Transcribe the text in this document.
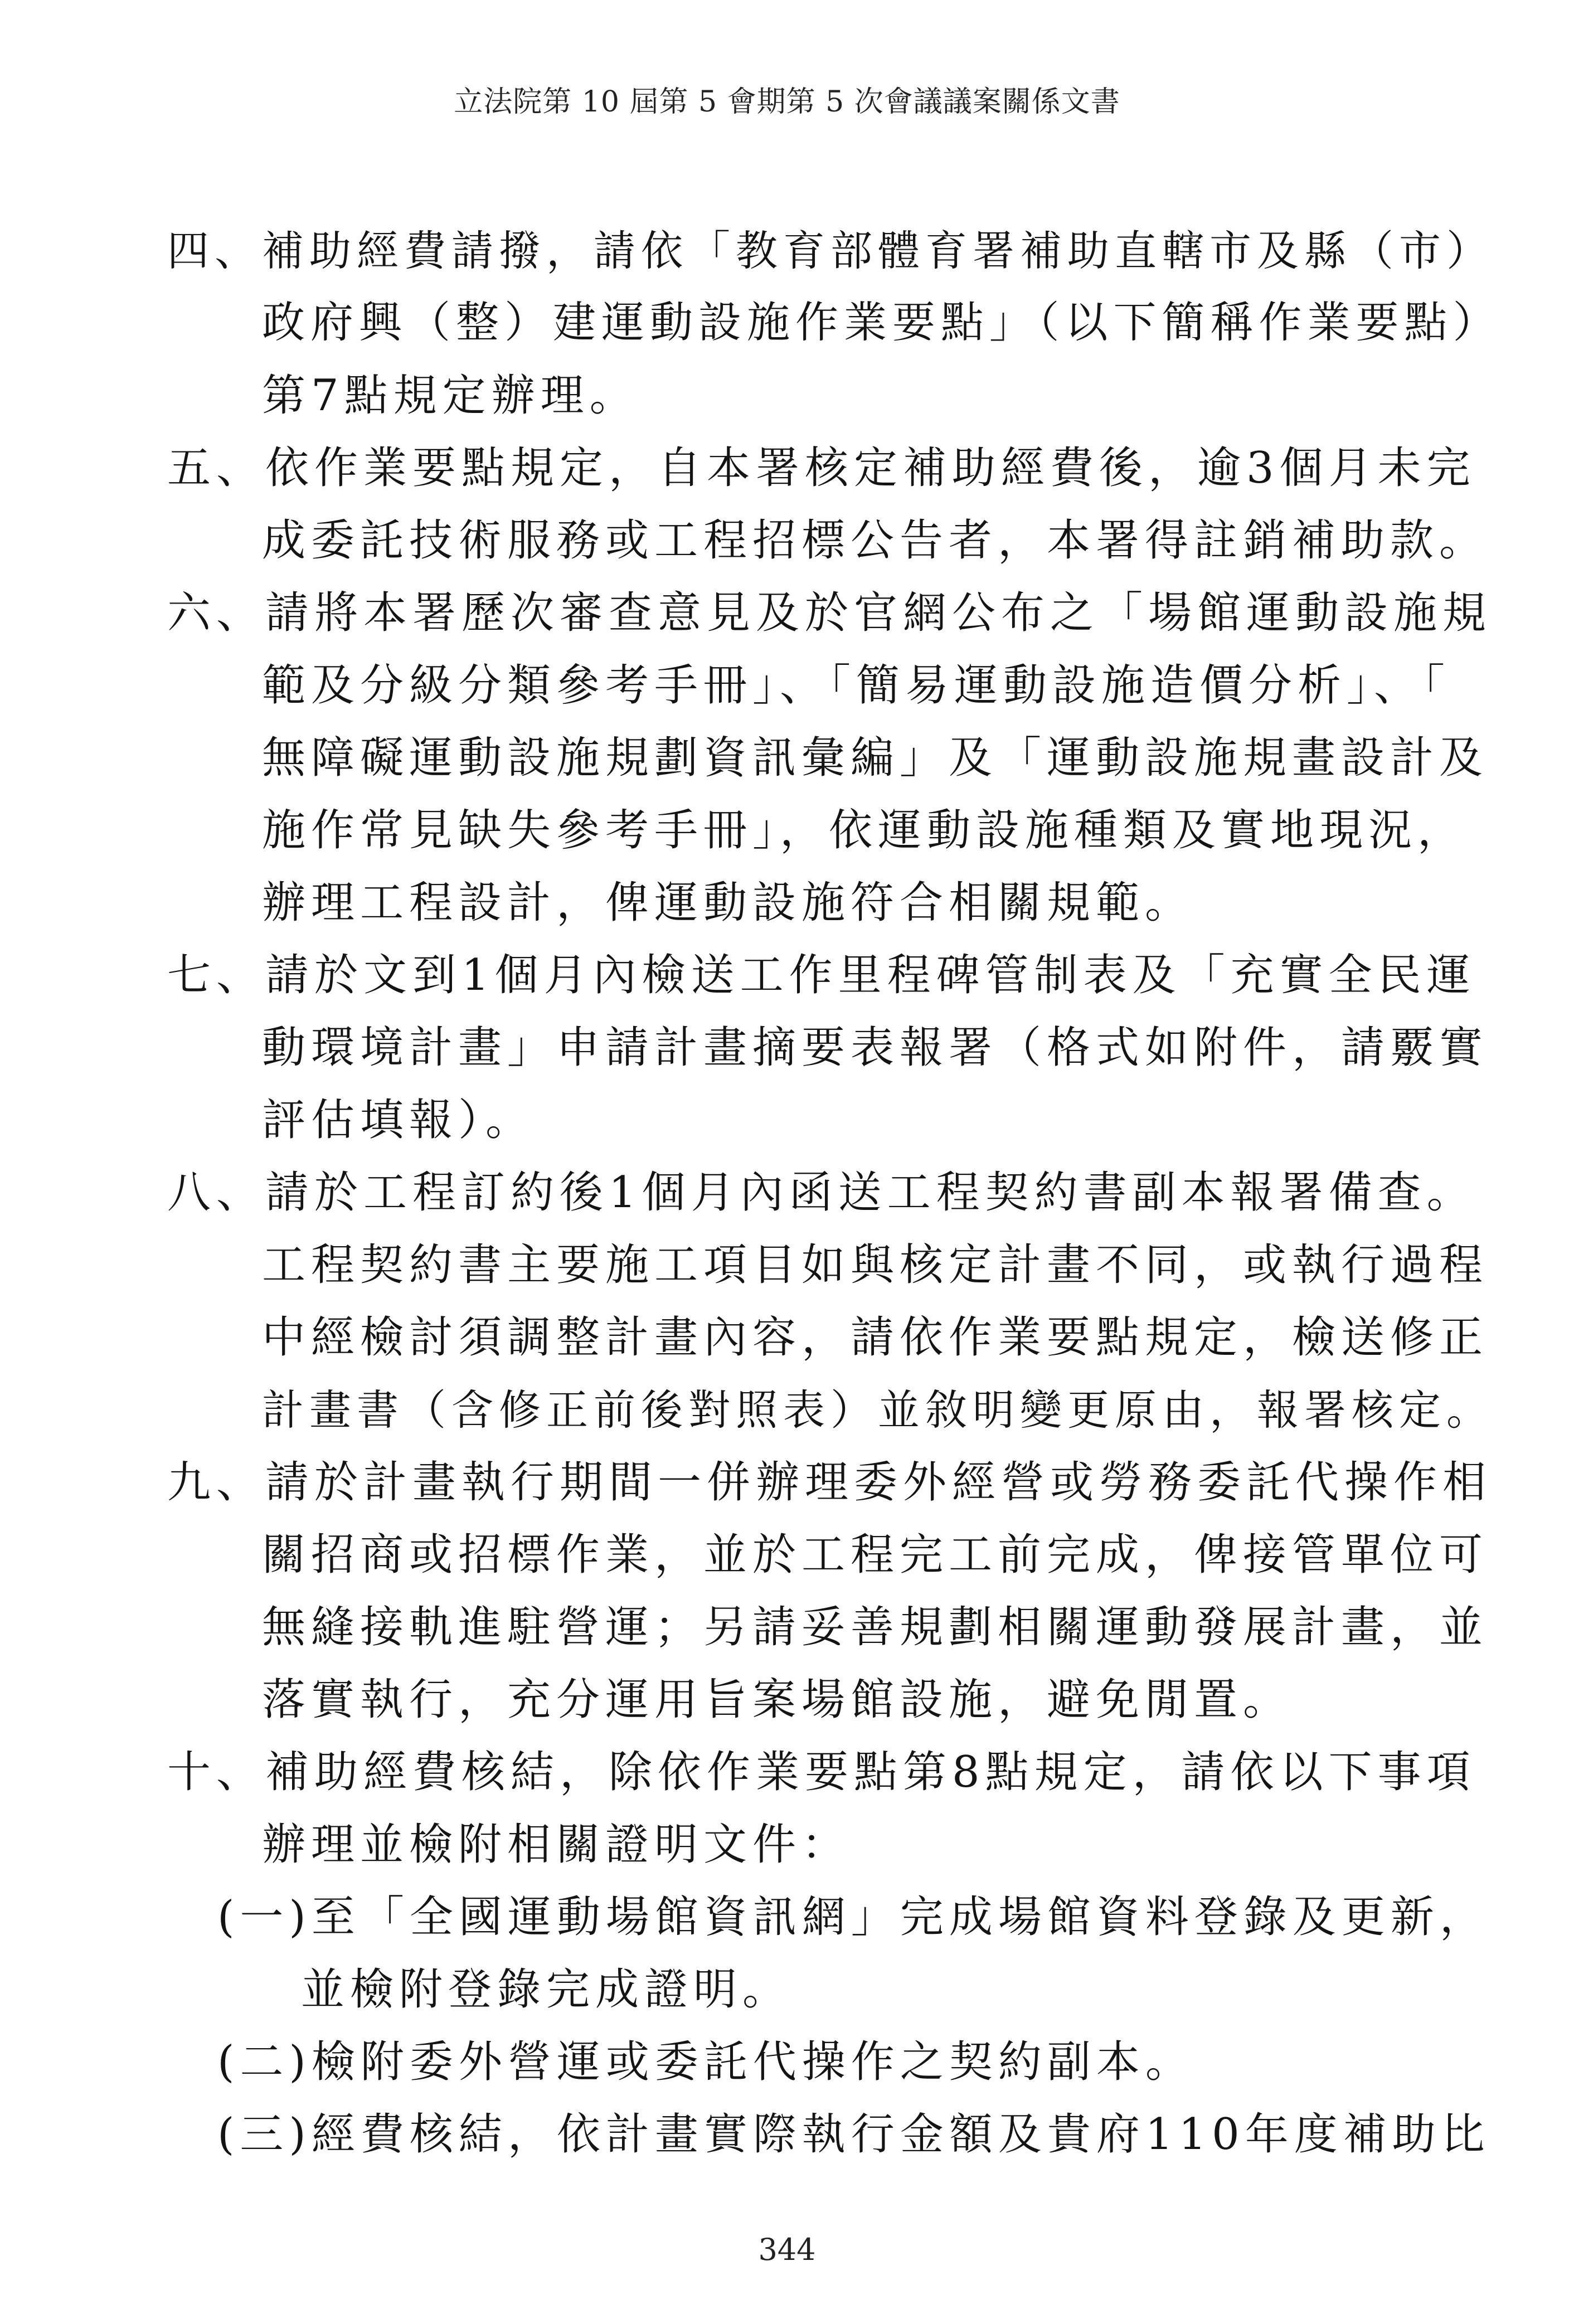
立法院第 10 屆第 5 會期第 5 次會議議案關係文書
四、補助經費請撥，請依「教育部體育署補助直轄市及縣（市）
政府興（整）建運動設施作業要點」（以下簡稱作業要點）
第7點規定辦理。
五、依作業要點規定，自本署核定補助經費後，逾3個月未完
成委託技術服務或工程招標公告者，本署得註銷補助款。
六、請將本署歷次審查意見及於官網公布之「場館運動設施規
範及分級分類參考手冊」、「簡易運動設施造價分析」、「
無障礙運動設施規劃資訊彙編」及「運動設施規畫設計及
施作常見缺失參考手冊」，依運動設施種類及實地現況，
辦理工程設計，俾運動設施符合相關規範。
七、請於文到1個月內檢送工作里程碑管制表及「充實全民運
動環境計畫」申請計畫摘要表報署（格式如附件，請覈實
評估填報）。
八、請於工程訂約後1個月內函送工程契約書副本報署備查。
工程契約書主要施工項目如與核定計畫不同，或執行過程
中經檢討須調整計畫內容，請依作業要點規定，檢送修正
計畫書（含修正前後對照表）並敘明變更原由，報署核定。
九、請於計畫執行期間一併辦理委外經營或勞務委託代操作相
關招商或招標作業，並於工程完工前完成，俾接管單位可
無縫接軌進駐營運；另請妥善規劃相關運動發展計畫，並
落實執行，充分運用旨案場館設施，避免閒置。
十、補助經費核結，除依作業要點第8點規定，請依以下事項
辦理並檢附相關證明文件：
(一)至「全國運動場館資訊網」完成場館資料登錄及更新，
並檢附登錄完成證明。
(二)檢附委外營運或委託代操作之契約副本。
(三)經費核結，依計畫實際執行金額及貴府110年度補助比
344
